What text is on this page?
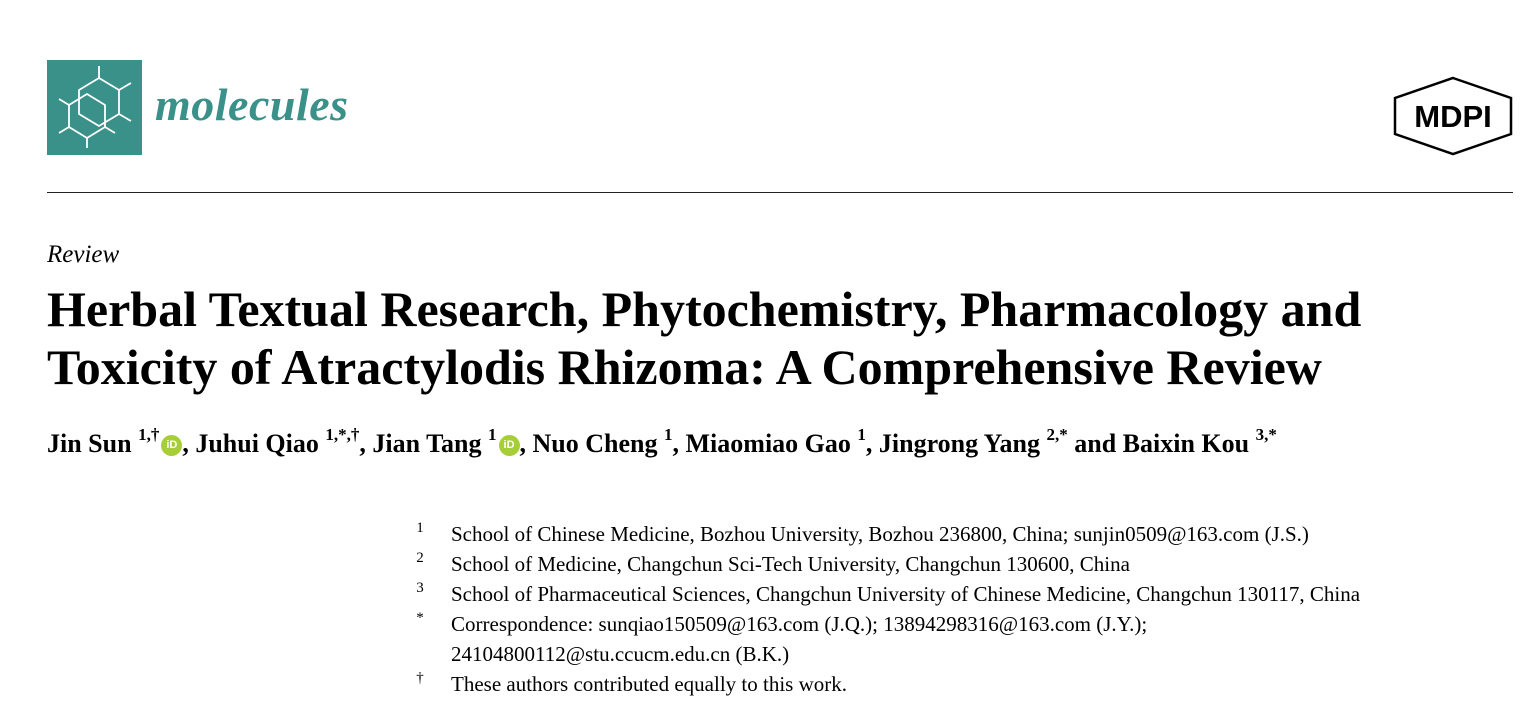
molecules	MDPI
Review
Herbal Textual Research, Phytochemistry, Pharmacology and Toxicity of Atractylodis Rhizoma: A Comprehensive Review
Jin Sun $^{1,\dagger}$iD , Juhui Qiao $^{1,*,\dagger}$, Jian Tang $^1$iD , Nuo Cheng $^1$, Miaomiao Gao $^1$, Jingrong Yang $^{2,*}$ and Baixin Kou $^{3,*}$
1 School of Chinese Medicine, Bozhou University, Bozhou 236800, China; sunjin0509@163.com (J.S.)
2 School of Medicine, Changchun Sci-Tech University, Changchun 130600, China
3 School of Pharmaceutical Sciences, Changchun University of Chinese Medicine, Changchun 130117, China
* Correspondence: sunqiao150509@163.com (J.Q.); 13894298316@163.com (J.Y.);
24104800112@stu.ccucm.edu.cn (B.K.)
† These authors contributed equally to this work.
